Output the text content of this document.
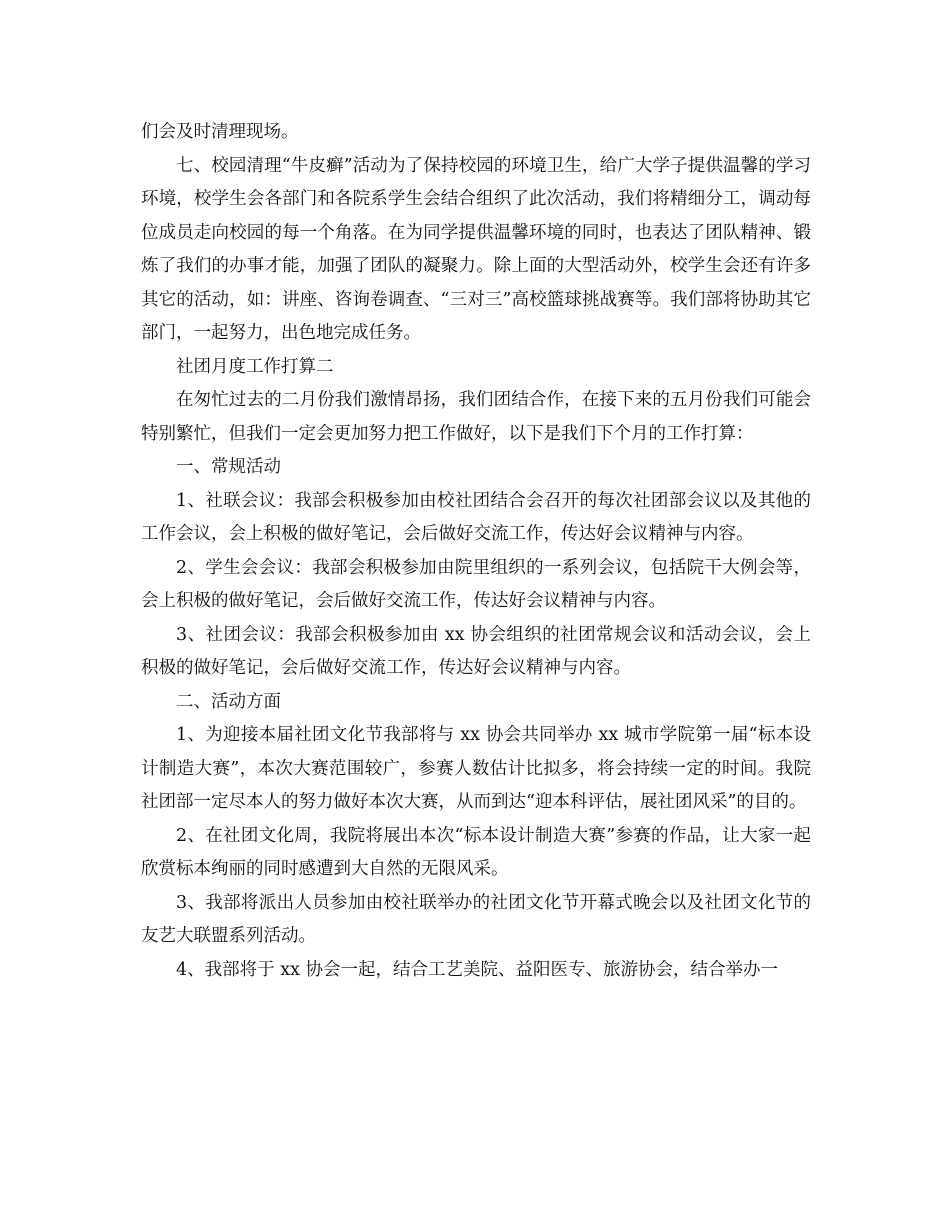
们会及时清理现场。

七、校园清理“牛皮癣”活动为了保持校园的环境卫生，给广大学子提供温馨的学习环境，校学生会各部门和各院系学生会结合组织了此次活动，我们将精细分工，调动每位成员走向校园的每一个角落。在为同学提供温馨环境的同时，也表达了团队精神、锻炼了我们的办事才能，加强了团队的凝聚力。除上面的大型活动外，校学生会还有许多其它的活动，如：讲座、咨询卷调查、“三对三”高校篮球挑战赛等。我们部将协助其它部门，一起努力，出色地完成任务。

社团月度工作打算二

在匆忙过去的二月份我们激情昂扬，我们团结合作，在接下来的五月份我们可能会特别繁忙，但我们一定会更加努力把工作做好，以下是我们下个月的工作打算：

一、常规活动

1、社联会议：我部会积极参加由校社团结合会召开的每次社团部会议以及其他的工作会议，会上积极的做好笔记，会后做好交流工作，传达好会议精神与内容。

2、学生会会议：我部会积极参加由院里组织的一系列会议，包括院干大例会等，会上积极的做好笔记，会后做好交流工作，传达好会议精神与内容。

3、社团会议：我部会积极参加由 xx 协会组织的社团常规会议和活动会议，会上积极的做好笔记，会后做好交流工作，传达好会议精神与内容。

二、活动方面

1、为迎接本届社团文化节我部将与 xx 协会共同举办 xx 城市学院第一届“标本设计制造大赛”，本次大赛范围较广，参赛人数估计比拟多，将会持续一定的时间。我院社团部一定尽本人的努力做好本次大赛，从而到达“迎本科评估，展社团风采”的目的。

2、在社团文化周，我院将展出本次“标本设计制造大赛”参赛的作品，让大家一起欣赏标本绚丽的同时感遭到大自然的无限风采。

3、我部将派出人员参加由校社联举办的社团文化节开幕式晚会以及社团文化节的友艺大联盟系列活动。

4、我部将于 xx 协会一起，结合工艺美院、益阳医专、旅游协会，结合举办一
